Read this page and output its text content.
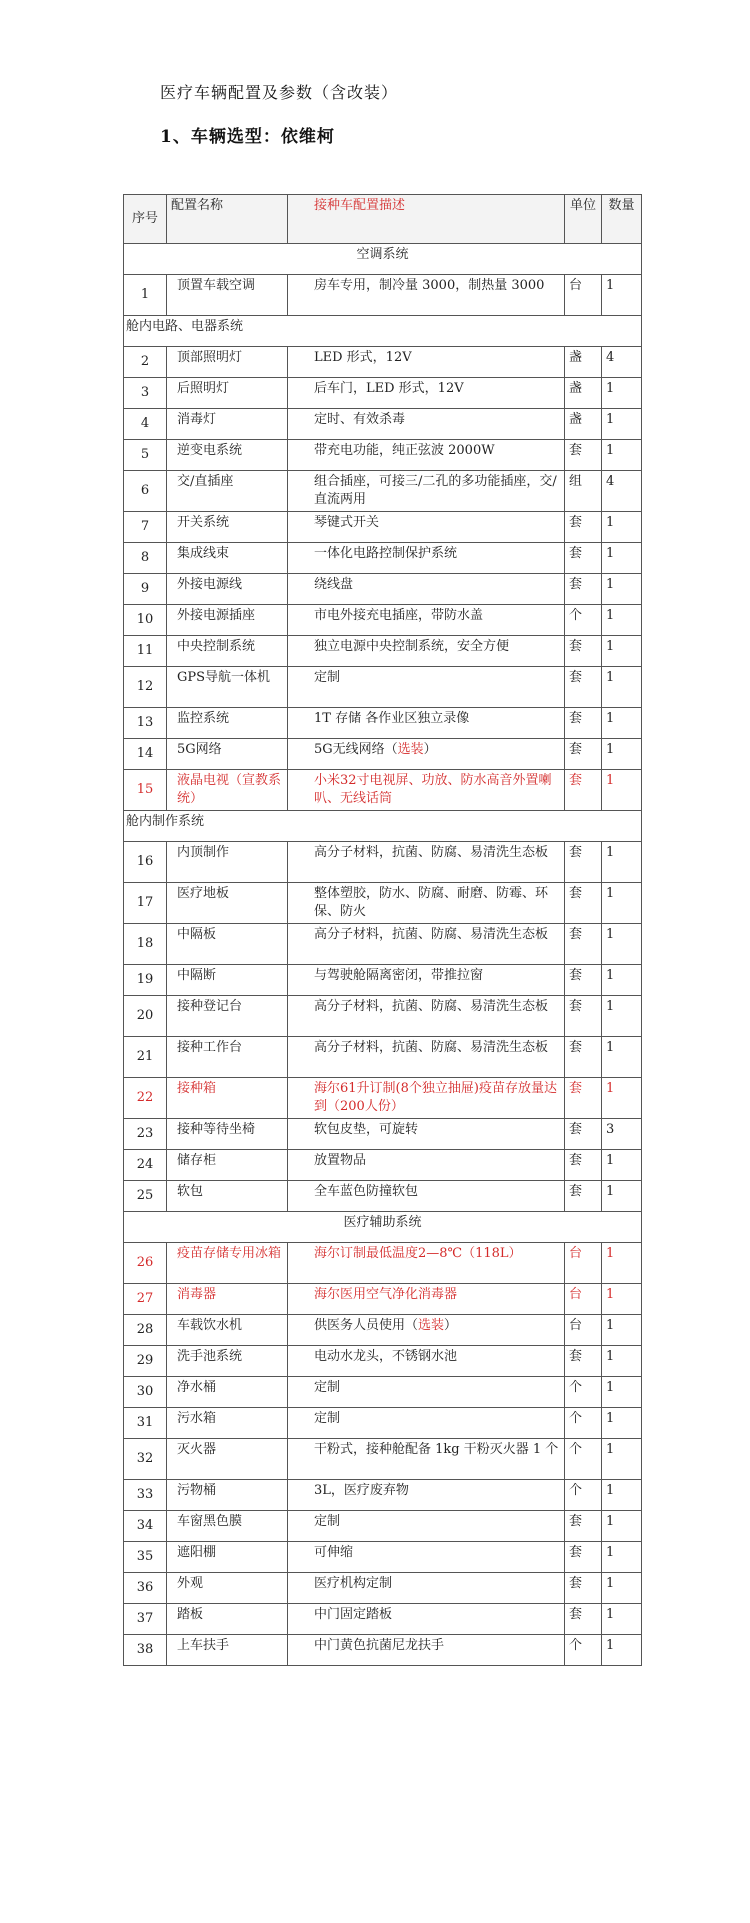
医疗车辆配置及参数（含改装）
1、车辆选型：依维柯
序号	配置名称	接种车配置描述	单位	数量
空调系统				
1	顶置车载空调	房车专用，制冷量 3000，制热量 3000	台	1
舱内电路、电器系统				
2	顶部照明灯	LED 形式，12V	盏	4
3	后照明灯	后车门，LED 形式，12V	盏	1
4	消毒灯	定时、有效杀毒	盏	1
5	逆变电系统	带充电功能，纯正弦波 2000W	套	1
6	交/直插座	组合插座，可接三/二孔的多功能插座，交/直流两用	组	4
7	开关系统	琴键式开关	套	1
8	集成线束	一体化电路控制保护系统	套	1
9	外接电源线	绕线盘	套	1
10	外接电源插座	市电外接充电插座，带防水盖	个	1
11	中央控制系统	独立电源中央控制系统，安全方便	套	1
12	GPS导航一体机	定制	套	1
13	监控系统	1T 存储 各作业区独立录像	套	1
14	5G网络	5G无线网络（选装）	套	1
15	液晶电视（宣教系统）	小米32寸电视屏、功放、防水高音外置喇叭、无线话筒	套	1
舱内制作系统				
16	内顶制作	高分子材料，抗菌、防腐、易清洗生态板	套	1
17	医疗地板	整体塑胶，防水、防腐、耐磨、防霉、环保、防火	套	1
18	中隔板	高分子材料，抗菌、防腐、易清洗生态板	套	1
19	中隔断	与驾驶舱隔离密闭，带推拉窗	套	1
20	接种登记台	高分子材料，抗菌、防腐、易清洗生态板	套	1
21	接种工作台	高分子材料，抗菌、防腐、易清洗生态板	套	1
22	接种箱	海尔61升订制(8个独立抽屉)疫苗存放量达到（200人份）	套	1
23	接种等待坐椅	软包皮垫，可旋转	套	3
24	储存柜	放置物品	套	1
25	软包	全车蓝色防撞软包	套	1
医疗辅助系统				
26	疫苗存储专用冰箱	海尔订制最低温度2—8℃（118L）	台	1
27	消毒器	海尔医用空气净化消毒器	台	1
28	车载饮水机	供医务人员使用（选装）	台	1
29	洗手池系统	电动水龙头，不锈钢水池	套	1
30	净水桶	定制	个	1
31	污水箱	定制	个	1
32	灭火器	干粉式，接种舱配备 1kg 干粉灭火器 1 个	个	1
33	污物桶	3L，医疗废弃物	个	1
34	车窗黑色膜	定制	套	1
35	遮阳棚	可伸缩	套	1
36	外观	医疗机构定制	套	1
37	踏板	中门固定踏板	套	1
38	上车扶手	中门黄色抗菌尼龙扶手	个	1
